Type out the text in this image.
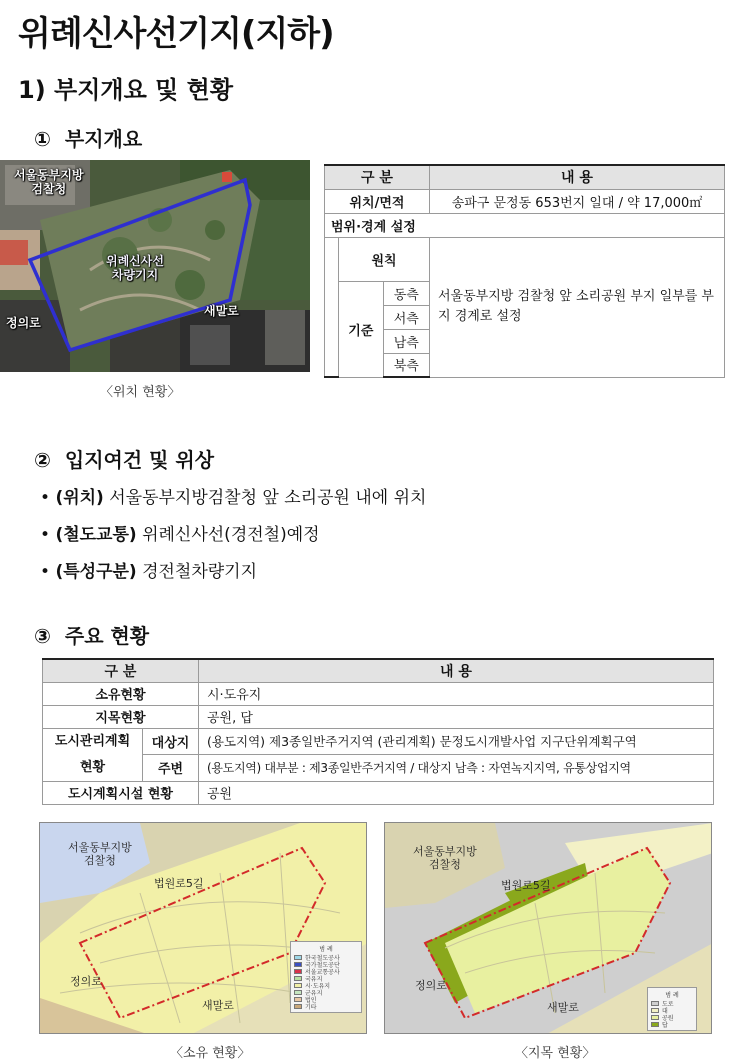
위례신사선기지(지하)
1) 부지개요 및 현황
① 부지개요
서울동부지방
검찰청
위례신사선
차량기지
새말로
정의로
〈위치 현황〉
구 분			내 용
위치/면적			송파구 문정동 653번지 일대 / 약 17,000㎡
범위·경계 설정			
	원칙		서울동부지방 검찰청 앞 소리공원 부지 일부를 부지 경계로 설정
	기준	동측	
		서측	
		남측	
		북측	
② 입지여건 및 위상
• (위치) 서울동부지방검찰청 앞 소리공원 내에 위치
• (철도교통) 위례신사선(경전철)예정
• (특성구분) 경전철차량기지
③ 주요 현황
구 분		내 용
소유현황		시·도유지
지목현황		공원, 답
도시관리계획
현황	대상지	(용도지역) 제3종일반주거지역 (관리계획) 문정도시개발사업 지구단위계획구역
	주변	(용도지역) 대부분 : 제3종일반주거지역 / 대상지 남측 : 자연녹지지역, 유통상업지역
도시계획시설 현황		공원
서울동부지방
검찰청
법원로5길
정의로
새말로
범 례
한국철도공사
국가철도공단
서울교통공사
국유지
시·도유지
군유지
법인
기타
〈소유 현황〉
서울동부지방
검찰청
법원로5길
정의로
새말로
범 례
도로
대
공원
답
〈지목 현황〉
